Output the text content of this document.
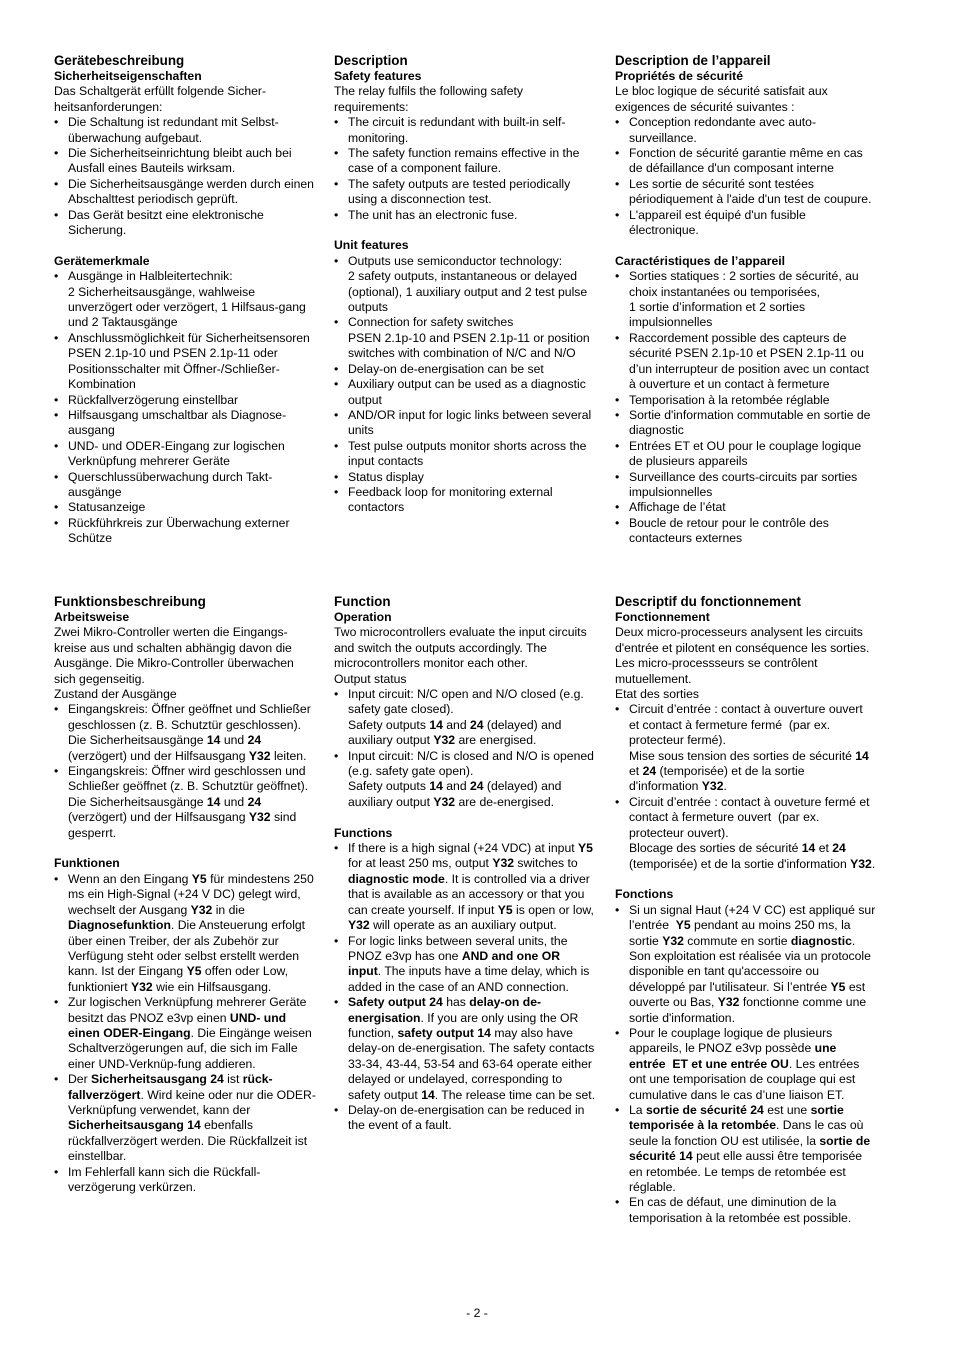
Gerätebeschreibung
Sicherheitseigenschaften

Das Schaltgerät erfüllt folgende Sicher-heitsanforderungen:

• Die Schaltung ist redundant mit Selbst-überwachung aufgebaut.
• Die Sicherheitseinrichtung bleibt auch bei Ausfall eines Bauteils wirksam.
• Die Sicherheitsausgänge werden durch einen Abschalttest periodisch geprüft.
• Das Gerät besitzt eine elektronische Sicherung.
Gerätemerkmale
• Ausgänge in Halbleitertechnik:
2 Sicherheitsausgänge, wahlweise unverzögert oder verzögert, 1 Hilfsaus-gang und 2 Taktausgänge
• Anschlussmöglichkeit für Sicherheitsensoren PSEN 2.1p-10 und PSEN 2.1p-11 oder Positionsschalter mit Öffner-/Schließer-Kombination
• Rückfallverzögerung einstellbar
• Hilfsausgang umschaltbar als Diagnose-ausgang
• UND- und ODER-Eingang zur logischen Verknüpfung mehrerer Geräte
• Querschlussüberwachung durch Takt-ausgänge
• Statusanzeige
• Rückführkreis zur Überwachung externer Schütze
Description
Safety features

The relay fulfils the following safety requirements:

• The circuit is redundant with built-in self-monitoring.
• The safety function remains effective in the case of a component failure.
• The safety outputs are tested periodically using a disconnection test.
• The unit has an electronic fuse.
Unit features
• Outputs use semiconductor technology:
2 safety outputs, instantaneous or delayed (optional), 1 auxiliary output and 2 test pulse outputs
• Connection for safety switches
PSEN 2.1p-10 and PSEN 2.1p-11 or position switches with combination of N/C and N/O
• Delay-on de-energisation can be set
• Auxiliary output can be used as a diagnostic output
• AND/OR input for logic links between several units
• Test pulse outputs monitor shorts across the input contacts
• Status display
• Feedback loop for monitoring external contactors
Description de l’appareil
Propriétés de sécurité

Le bloc logique de sécurité satisfait aux exigences de sécurité suivantes :

• Conception redondante avec auto-surveillance.
• Fonction de sécurité garantie même en cas de défaillance d'un composant interne
• Les sortie de sécurité sont testées périodiquement à l'aide d'un test de coupure.
• L'appareil est équipé d'un fusible électronique.
Caractéristiques de l’appareil
• Sorties statiques : 2 sorties de sécurité, au choix instantanées ou temporisées,
1 sortie d’information et 2 sorties impulsionnelles
• Raccordement possible des capteurs de sécurité PSEN 2.1p-10 et PSEN 2.1p-11 ou d’un interrupteur de position avec un contact à ouverture et un contact à fermeture
• Temporisation à la retombée réglable
• Sortie d'information commutable en sortie de diagnostic
• Entrées ET et OU pour le couplage logique de plusieurs appareils
• Surveillance des courts-circuits par sorties impulsionnelles
• Affichage de l’état
• Boucle de retour pour le contrôle des contacteurs externes
Funktionsbeschreibung
Arbeitsweise

Zwei Mikro-Controller werten die Eingangs-kreise aus und schalten abhängig davon die Ausgänge. Die Mikro-Controller überwachen sich gegenseitig.

Zustand der Ausgänge

• Eingangskreis: Öffner geöffnet und Schließer geschlossen (z. B. Schutztür geschlossen).
Die Sicherheitsausgänge 14 und 24 (verzögert) und der Hilfsausgang Y32 leiten.
• Eingangskreis: Öffner wird geschlossen und Schließer geöffnet (z. B. Schutztür geöffnet).
Die Sicherheitsausgänge 14 und 24 (verzögert) und der Hilfsausgang Y32 sind gesperrt.
Funktionen
• Wenn an den Eingang Y5 für mindestens 250 ms ein High-Signal (+24 V DC) gelegt wird, wechselt der Ausgang Y32 in die Diagnosefunktion. Die Ansteuerung erfolgt über einen Treiber, der als Zubehör zur Verfügung steht oder selbst erstellt werden kann. Ist der Eingang Y5 offen oder Low, funktioniert Y32 wie ein Hilfsausgang.
• Zur logischen Verknüpfung mehrerer Geräte besitzt das PNOZ e3vp einen UND- und einen ODER-Eingang. Die Eingänge weisen Schaltverzögerungen auf, die sich im Falle einer UND-Verknüp-fung addieren.
• Der Sicherheitsausgang 24 ist rück-fallverzögert. Wird keine oder nur die ODER-Verknüpfung verwendet, kann der Sicherheitsausgang 14 ebenfalls rückfallverzögert werden. Die Rückfallzeit ist einstellbar.
• Im Fehlerfall kann sich die Rückfall-verzögerung verkürzen.
Function
Operation

Two microcontrollers evaluate the input circuits and switch the outputs accordingly. The microcontrollers monitor each other.

Output status

• Input circuit: N/C open and N/O closed (e.g. safety gate closed).
Safety outputs 14 and 24 (delayed) and auxiliary output Y32 are energised.
• Input circuit: N/C is closed and N/O is opened (e.g. safety gate open).
Safety outputs 14 and 24 (delayed) and auxiliary output Y32 are de-energised.
Functions
• If there is a high signal (+24 VDC) at input Y5 for at least 250 ms, output Y32 switches to diagnostic mode. It is controlled via a driver that is available as an accessory or that you can create yourself. If input Y5 is open or low, Y32 will operate as an auxiliary output.
• For logic links between several units, the PNOZ e3vp has one AND and one OR input. The inputs have a time delay, which is added in the case of an AND connection.
• Safety output 24 has delay-on de-energisation. If you are only using the OR function, safety output 14 may also have delay-on de-energisation. The safety contacts 33-34, 43-44, 53-54 and 63-64 operate either delayed or undelayed, corresponding to safety output 14. The release time can be set.
• Delay-on de-energisation can be reduced in the event of a fault.
Descriptif du fonctionnement
Fonctionnement

Deux micro-processeurs analysent les circuits d'entrée et pilotent en conséquence les sorties. Les micro-processseurs se contrôlent mutuellement.

Etat des sorties

• Circuit d’entrée : contact à ouverture ouvert  et contact à fermeture fermé  (par ex. protecteur fermé).
Mise sous tension des sorties de sécurité 14 et 24 (temporisée) et de la sortie d'information Y32.
• Circuit d’entrée : contact à ouveture fermé et contact à fermeture ouvert  (par ex. protecteur ouvert).
Blocage des sorties de sécurité 14 et 24 (temporisée) et de la sortie d'information Y32.
Fonctions
• Si un signal Haut (+24 V CC) est appliqué sur l’entrée  Y5 pendant au moins 250 ms, la sortie Y32 commute en sortie diagnostic. Son exploitation est réalisée via un protocole disponible en tant qu'accessoire ou développé par l'utilisateur. Si l’entrée Y5 est ouverte ou Bas, Y32 fonctionne comme une sortie d'information.
• Pour le couplage logique de plusieurs appareils, le PNOZ e3vp possède une entrée  ET et une entrée OU. Les entrées ont une temporisation de couplage qui est cumulative dans le cas d’une liaison ET.
• La sortie de sécurité 24 est une sortie temporisée à la retombée. Dans le cas où seule la fonction OU est utilisée, la sortie de sécurité 14 peut elle aussi être temporisée en retombée. Le temps de retombée est réglable.
• En cas de défaut, une diminution de la temporisation à la retombée est possible.
- 2 -
